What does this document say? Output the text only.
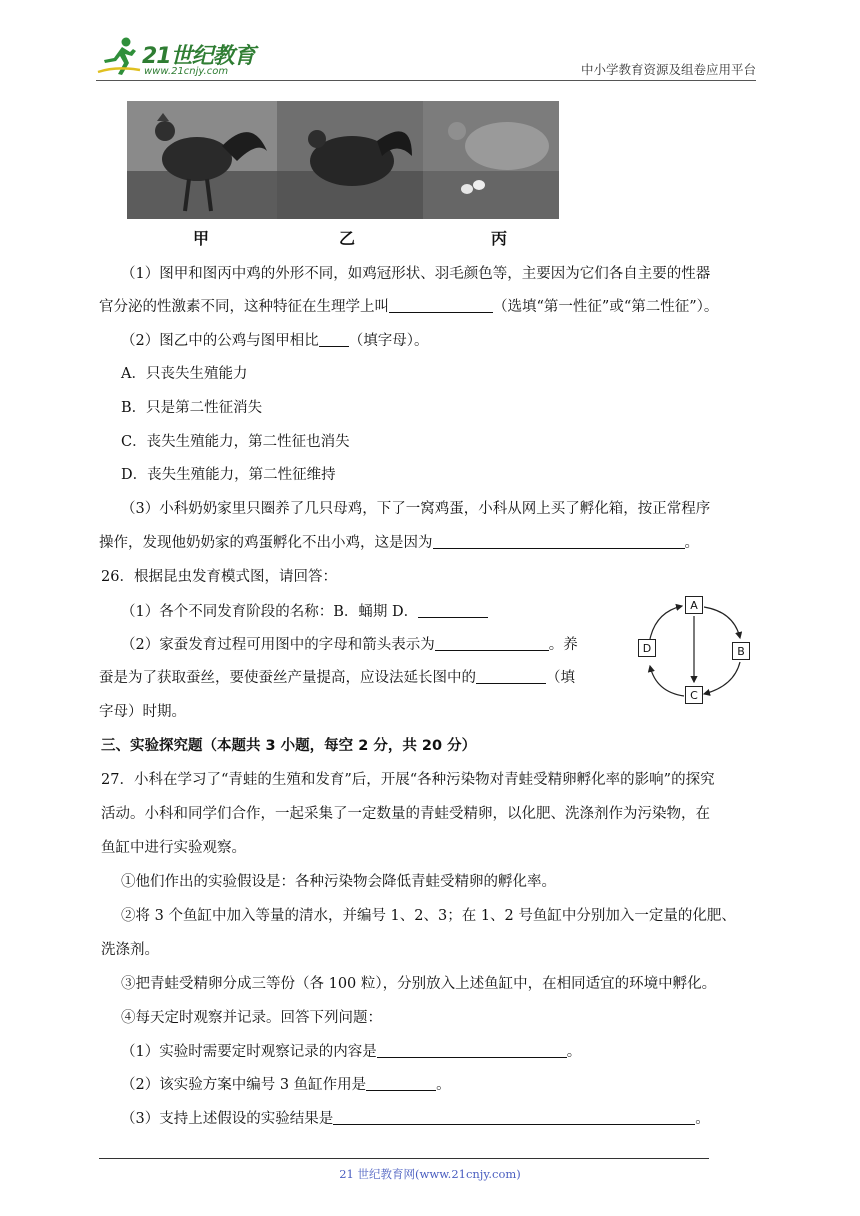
21世纪教育
www.21cnjy.com	中小学教育资源及组卷应用平台
甲	乙	丙
（1）图甲和图丙中鸡的外形不同，如鸡冠形状、羽毛颜色等，主要因为它们各自主要的性器
官分泌的性激素不同，这种特征在生理学上叫	（选填“第一性征”或“第二性征”）。
（2）图乙中的公鸡与图甲相比 （填字母）。
A．只丧失生殖能力
B．只是第二性征消失
C．丧失生殖能力，第二性征也消失
D．丧失生殖能力，第二性征维持
（3）小科奶奶家里只圈养了几只母鸡，下了一窝鸡蛋，小科从网上买了孵化箱，按正常程序
操作，发现他奶奶家的鸡蛋孵化不出小鸡，这是因为	。
26．根据昆虫发育模式图，请回答：
（1）各个不同发育阶段的名称：B．蛹期 D．
（2）家蚕发育过程可用图中的字母和箭头表示为	。养
蚕是为了获取蚕丝，要使蚕丝产量提高，应设法延长图中的	（填
字母）时期。
A
B
C
D
三、实验探究题（本题共 3 小题，每空 2 分，共 20 分）
27．小科在学习了“青蛙的生殖和发育”后，开展“各种污染物对青蛙受精卵孵化率的影响”的探究
活动。小科和同学们合作，一起采集了一定数量的青蛙受精卵，以化肥、洗涤剂作为污染物，在
鱼缸中进行实验观察。
①他们作出的实验假设是：各种污染物会降低青蛙受精卵的孵化率。
②将 3 个鱼缸中加入等量的清水，并编号 1、2、3；在 1、2 号鱼缸中分别加入一定量的化肥、
洗涤剂。
③把青蛙受精卵分成三等份（各 100 粒），分别放入上述鱼缸中，在相同适宜的环境中孵化。
④每天定时观察并记录。回答下列问题：
（1）实验时需要定时观察记录的内容是	。
（2）该实验方案中编号 3 鱼缸作用是	。
（3）支持上述假设的实验结果是	。
21 世纪教育网(www.21cnjy.com)
